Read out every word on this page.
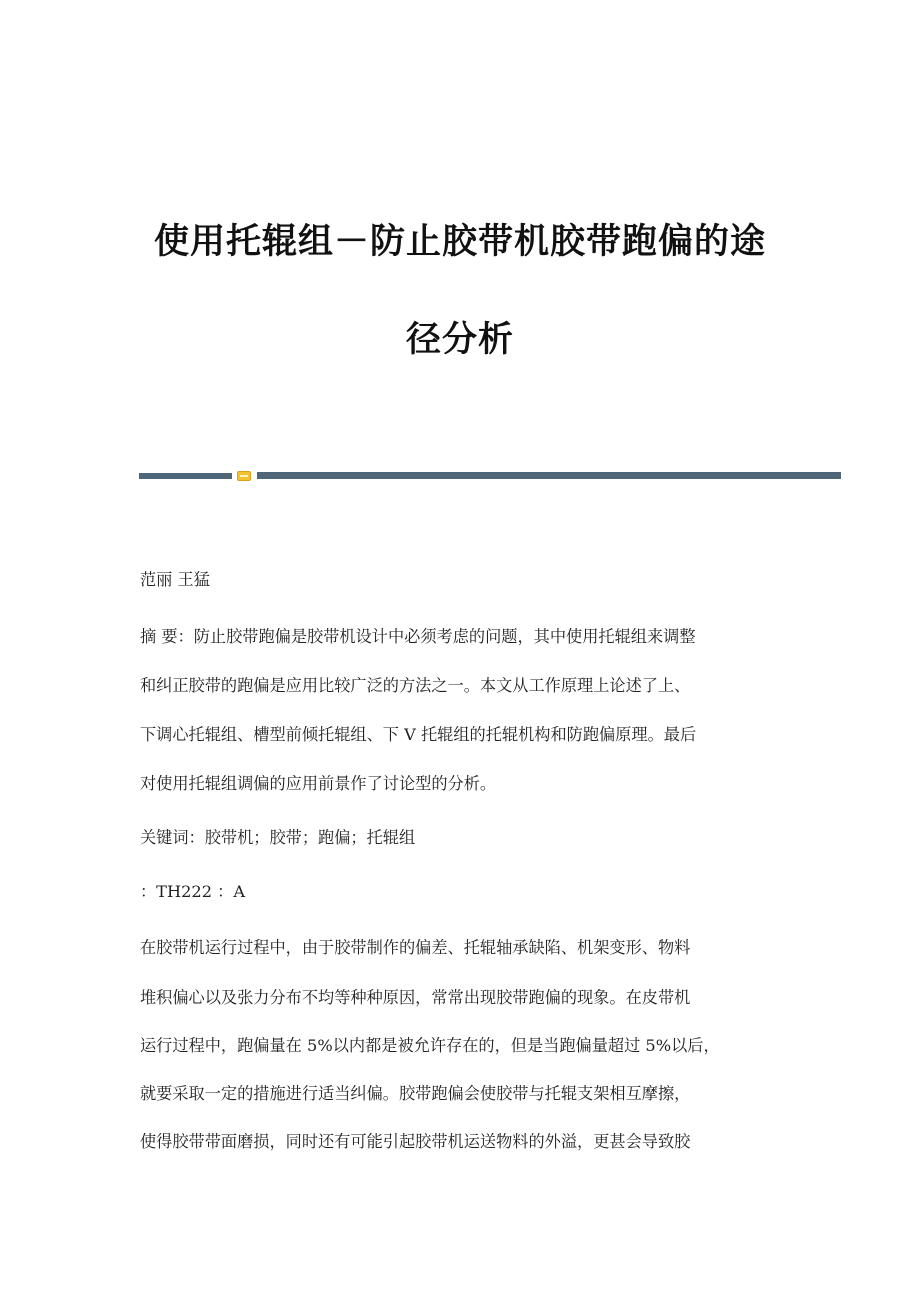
使用托辊组－防止胶带机胶带跑偏的途
径分析
范丽 王猛
摘 要：防止胶带跑偏是胶带机设计中必须考虑的问题，其中使用托辊组来调整
和纠正胶带的跑偏是应用比较广泛的方法之一。本文从工作原理上论述了上、
下调心托辊组、槽型前倾托辊组、下 V 托辊组的托辊机构和防跑偏原理。最后
对使用托辊组调偏的应用前景作了讨论型的分析。
关键词：胶带机；胶带；跑偏；托辊组
：TH222 ：A
在胶带机运行过程中，由于胶带制作的偏差、托辊轴承缺陷、机架变形、物料
堆积偏心以及张力分布不均等种种原因，常常出现胶带跑偏的现象。在皮带机
运行过程中，跑偏量在 5%以内都是被允许存在的，但是当跑偏量超过 5%以后，
就要采取一定的措施进行适当纠偏。胶带跑偏会使胶带与托辊支架相互摩擦，
使得胶带带面磨损，同时还有可能引起胶带机运送物料的外溢，更甚会导致胶
